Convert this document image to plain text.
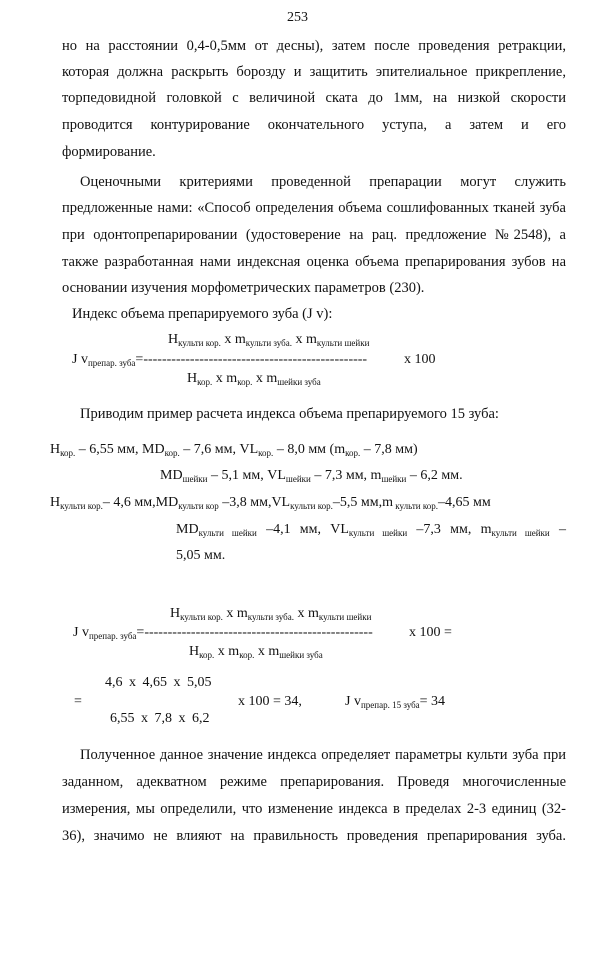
253
но на расстоянии 0,4-0,5мм от десны), затем после проведения ретракции,
которая должна раскрыть борозду и защитить эпителиальное прикрепление,
торпедовидной головкой с величиной ската до 1мм, на низкой скорости
проводится контурирование окончательного уступа, а затем и его
формирование.
Оценочными критериями проведенной препарации могут служить
предложенные нами: «Способ определения объема сошлифованных тканей зуба
при одонтопрепарировании (удостоверение на рац. предложение №2548), а
также разработанная нами индексная оценка объема препарирования зубов на
основании изучения морфометрических параметров (230).
Индекс объема препарируемого зуба (J v):
$H_{культи кор.}$ x $m_{культи зуба.}$ x $m_{культи шейки}$
J $v_{препар. зуба}=------------------------------------------------$	x 100
$H_{кор.}$ x $m_{кор.}$ x $m_{шейки зуба}$
Приводим пример расчета индекса объема препарируемого 15 зуба:
$H_{кор.} - 6,55$ мм, $MD_{кор.} - 7,6$ мм, $VL_{кор.} - 8,0$ мм ($m_{кор.} - 7,8$ мм)
$MD_{шейки} - 5,1$ мм, $VL_{шейки} - 7,3$ мм, $m_{шейки} - 6,2$ мм.
$H_{культи кор.}-$ 4,6 $мм,MD_{культи кор}$ –3,8 $мм,VL_{культи кор.}-5,5$ мм,m $_{культи кор.}$–4,65 мм
$MD_{культи шейки}$ –4,1 мм, $VL_{культи шейки}$ –7,3 мм, $m_{культи шейки}$ –
5,05 мм.
$H_{культи кор.}$ x $m_{культи зуба.}$ x $m_{культи шейки}$
J $v_{препар. зуба}=-------------------------------------------------$	x 100 =
$H_{кор.}$ x $m_{кор.}$ x $m_{шейки зуба}$
=
4,6 x 4,65 x 5,05
6,55 x 7,8 x 6,2
x 100 = 34,	J $v_{препар. 15 зуба}= 34$
Полученное данное значение индекса определяет параметры культи зуба при
заданном, адекватном режиме препарирования. Проведя многочисленные
измерения, мы определили, что изменение индекса в пределах 2-3 единиц (32-
36), значимо не влияют на правильность проведения препарирования зуба.
